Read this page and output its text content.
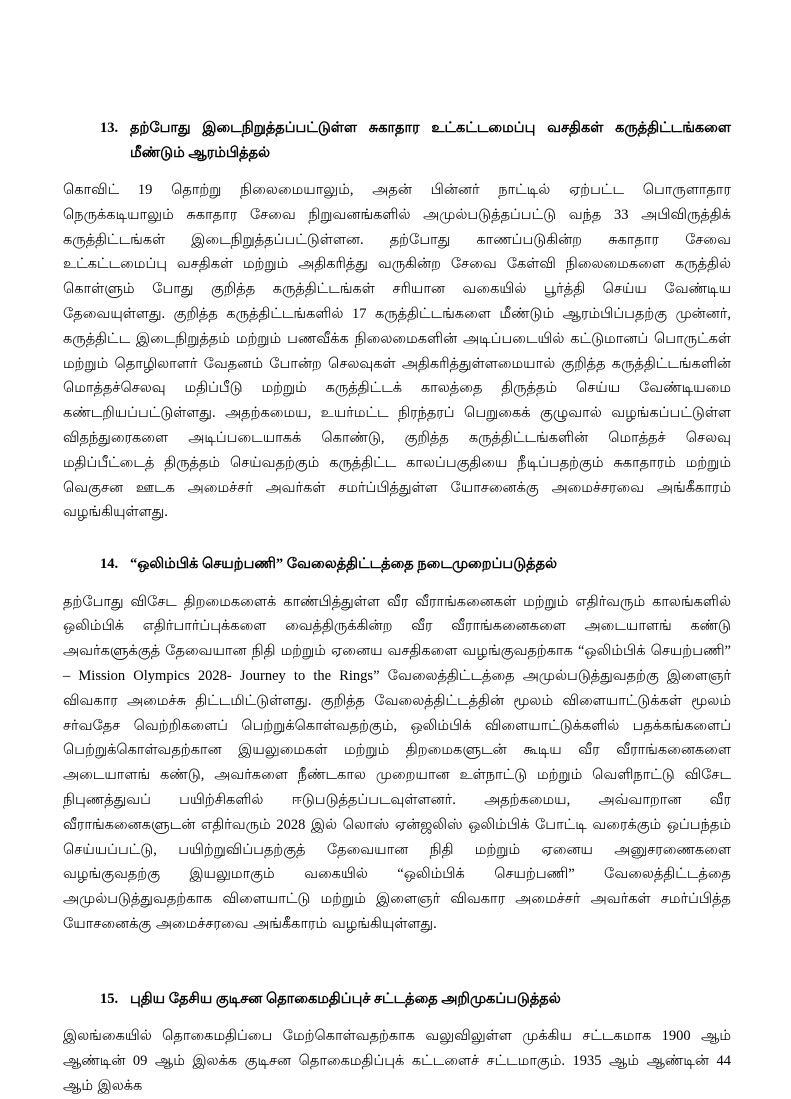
13. தற்போது இடைநிறுத்தப்பட்டுள்ள சுகாதார உட்கட்டமைப்பு வசதிகள் கருத்திட்டங்களை மீண்டும் ஆரம்பித்தல்

கொவிட் 19 தொற்று நிலைமையாலும், அதன் பின்னர் நாட்டில் ஏற்பட்ட பொருளாதார நெருக்கடியாலும் சுகாதார சேவை நிறுவனங்களில் அமுல்படுத்தப்பட்டு வந்த 33 அபிவிருத்திக் கருத்திட்டங்கள் இடைநிறுத்தப்பட்டுள்ளன. தற்போது காணப்படுகின்ற சுகாதார சேவை உட்கட்டமைப்பு வசதிகள் மற்றும் அதிகரித்து வருகின்ற சேவை கேள்வி நிலைமைகளை கருத்தில் கொள்ளும் போது குறித்த கருத்திட்டங்கள் சரியான வகையில் பூர்த்தி செய்ய வேண்டிய தேவையுள்ளது. குறித்த கருத்திட்டங்களில் 17 கருத்திட்டங்களை மீண்டும் ஆரம்பிப்பதற்கு முன்னர், கருத்திட்ட இடைநிறுத்தம் மற்றும் பணவீக்க நிலைமைகளின் அடிப்படையில் கட்டுமானப் பொருட்கள் மற்றும் தொழிலாளர் வேதனம் போன்ற செலவுகள் அதிகரித்துள்ளமையால் குறித்த கருத்திட்டங்களின் மொத்தச்செலவு மதிப்பீடு மற்றும் கருத்திட்டக் காலத்தை திருத்தம் செய்ய வேண்டியமை கண்டறியப்பட்டுள்ளது. அதற்கமைய, உயர்மட்ட நிரந்தரப் பெறுகைக் குழுவால் வழங்கப்பட்டுள்ள விதந்துரைகளை அடிப்படையாகக் கொண்டு, குறித்த கருத்திட்டங்களின் மொத்தச் செலவு மதிப்பீட்டைத் திருத்தம் செய்வதற்கும் கருத்திட்ட காலப்பகுதியை நீடிப்பதற்கும் சுகாதாரம் மற்றும் வெகுசன ஊடக அமைச்சர் அவர்கள் சமர்ப்பித்துள்ள யோசனைக்கு அமைச்சரவை அங்கீகாரம் வழங்கியுள்ளது.

14. “ஒலிம்பிக் செயற்பணி” வேலைத்திட்டத்தை நடைமுறைப்படுத்தல்

தற்போது விசேட திறமைகளைக் காண்பித்துள்ள வீர வீராங்கனைகள் மற்றும் எதிர்வரும் காலங்களில் ஒலிம்பிக் எதிர்பார்ப்புக்களை வைத்திருக்கின்ற வீர வீராங்கனைகளை அடையாளங் கண்டு அவர்களுக்குத் தேவையான நிதி மற்றும் ஏனைய வசதிகளை வழங்குவதற்காக “ஒலிம்பிக் செயற்பணி” – Mission Olympics 2028- Journey to the Rings” வேலைத்திட்டத்தை அமுல்படுத்துவதற்கு இளைஞர் விவகார அமைச்சு திட்டமிட்டுள்ளது. குறித்த வேலைத்திட்டத்தின் மூலம் விளையாட்டுக்கள் மூலம் சர்வதேச வெற்றிகளைப் பெற்றுக்கொள்வதற்கும், ஒலிம்பிக் விளையாட்டுக்களில் பதக்கங்களைப் பெற்றுக்கொள்வதற்கான இயலுமைகள் மற்றும் திறமைகளுடன் கூடிய வீர வீராங்கனைகளை அடையாளங் கண்டு, அவர்களை நீண்டகால முறையான உள்நாட்டு மற்றும் வெளிநாட்டு விசேட நிபுணத்துவப் பயிற்சிகளில் ஈடுபடுத்தப்படவுள்ளனர். அதற்கமைய, அவ்வாறான வீர வீராங்கனைகளுடன் எதிர்வரும் 2028 இல் லொஸ் ஏன்ஜலிஸ் ஒலிம்பிக் போட்டி வரைக்கும் ஒப்பந்தம் செய்யப்பட்டு, பயிற்றுவிப்பதற்குத் தேவையான நிதி மற்றும் ஏனைய அனுசரணைகளை வழங்குவதற்கு இயலுமாகும் வகையில் “ஒலிம்பிக் செயற்பணி” வேலைத்திட்டத்தை அமுல்படுத்துவதற்காக விளையாட்டு மற்றும் இளைஞர் விவகார அமைச்சர் அவர்கள் சமர்ப்பித்த யோசனைக்கு அமைச்சரவை அங்கீகாரம் வழங்கியுள்ளது.

15. புதிய தேசிய குடிசன தொகைமதிப்புச் சட்டத்தை அறிமுகப்படுத்தல்

இலங்கையில் தொகைமதிப்பை மேற்கொள்வதற்காக வலுவிலுள்ள முக்கிய சட்டகமாக 1900 ஆம் ஆண்டின் 09 ஆம் இலக்க குடிசன தொகைமதிப்புக் கட்டளைச் சட்டமாகும். 1935 ஆம் ஆண்டின் 44 ஆம் இலக்க
